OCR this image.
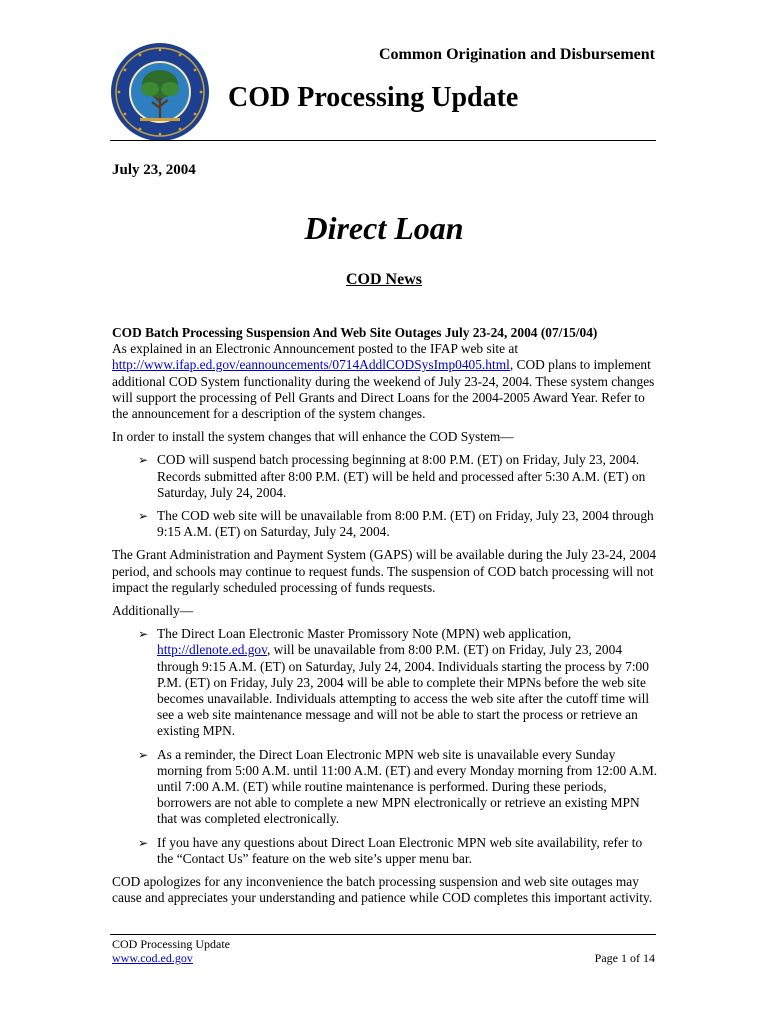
Common Origination and Disbursement
COD Processing Update
July 23, 2004
Direct Loan
COD News

COD Batch Processing Suspension And Web Site Outages July 23-24, 2004 (07/15/04)

As explained in an Electronic Announcement posted to the IFAP web site at http://www.ifap.ed.gov/eannouncements/0714AddlCODSysImp0405.html, COD plans to implement additional COD System functionality during the weekend of July 23-24, 2004. These system changes will support the processing of Pell Grants and Direct Loans for the 2004-2005 Award Year. Refer to the announcement for a description of the system changes.

In order to install the system changes that will enhance the COD System—

➢ COD will suspend batch processing beginning at 8:00 P.M. (ET) on Friday, July 23, 2004. Records submitted after 8:00 P.M. (ET) will be held and processed after 5:30 A.M. (ET) on Saturday, July 24, 2004.
➢ The COD web site will be unavailable from 8:00 P.M. (ET) on Friday, July 23, 2004 through 9:15 A.M. (ET) on Saturday, July 24, 2004.

The Grant Administration and Payment System (GAPS) will be available during the July 23-24, 2004 period, and schools may continue to request funds. The suspension of COD batch processing will not impact the regularly scheduled processing of funds requests.

Additionally—

➢ The Direct Loan Electronic Master Promissory Note (MPN) web application, http://dlenote.ed.gov, will be unavailable from 8:00 P.M. (ET) on Friday, July 23, 2004 through 9:15 A.M. (ET) on Saturday, July 24, 2004. Individuals starting the process by 7:00 P.M. (ET) on Friday, July 23, 2004 will be able to complete their MPNs before the web site becomes unavailable. Individuals attempting to access the web site after the cutoff time will see a web site maintenance message and will not be able to start the process or retrieve an existing MPN.
➢ As a reminder, the Direct Loan Electronic MPN web site is unavailable every Sunday morning from 5:00 A.M. until 11:00 A.M. (ET) and every Monday morning from 12:00 A.M. until 7:00 A.M. (ET) while routine maintenance is performed. During these periods, borrowers are not able to complete a new MPN electronically or retrieve an existing MPN that was completed electronically.
➢ If you have any questions about Direct Loan Electronic MPN web site availability, refer to the “Contact Us” feature on the web site’s upper menu bar.

COD apologizes for any inconvenience the batch processing suspension and web site outages may cause and appreciates your understanding and patience while COD completes this important activity.

COD Processing Update
www.cod.ed.gov	Page 1 of 14
